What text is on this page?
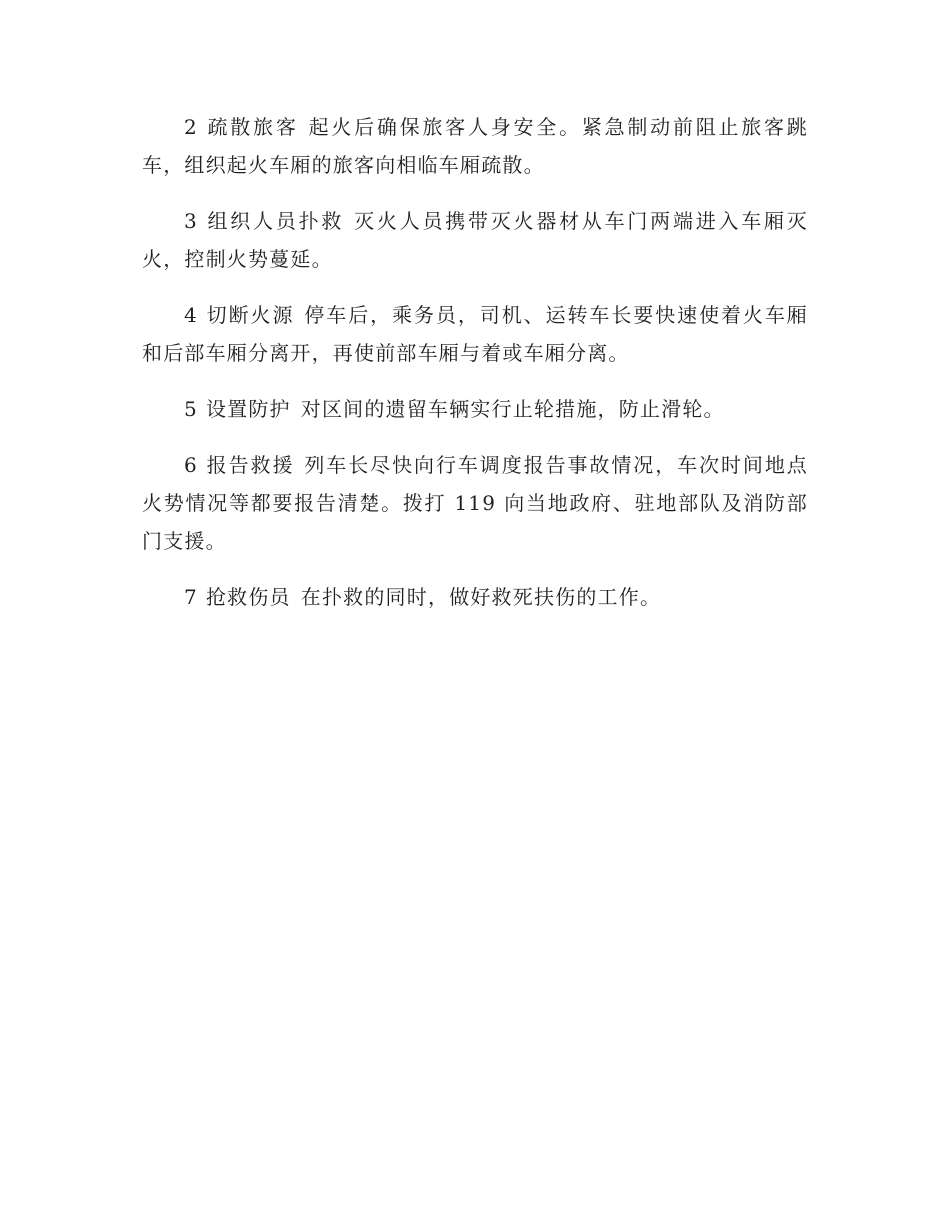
2 疏散旅客 起火后确保旅客人身安全。紧急制动前阻止旅客跳车，组织起火车厢的旅客向相临车厢疏散。

3 组织人员扑救 灭火人员携带灭火器材从车门两端进入车厢灭火，控制火势蔓延。

4 切断火源 停车后，乘务员，司机、运转车长要快速使着火车厢和后部车厢分离开，再使前部车厢与着或车厢分离。

5 设置防护 对区间的遗留车辆实行止轮措施，防止滑轮。

6 报告救援 列车长尽快向行车调度报告事故情况，车次时间地点火势情况等都要报告清楚。拨打 119 向当地政府、驻地部队及消防部门支援。

7 抢救伤员 在扑救的同时，做好救死扶伤的工作。
